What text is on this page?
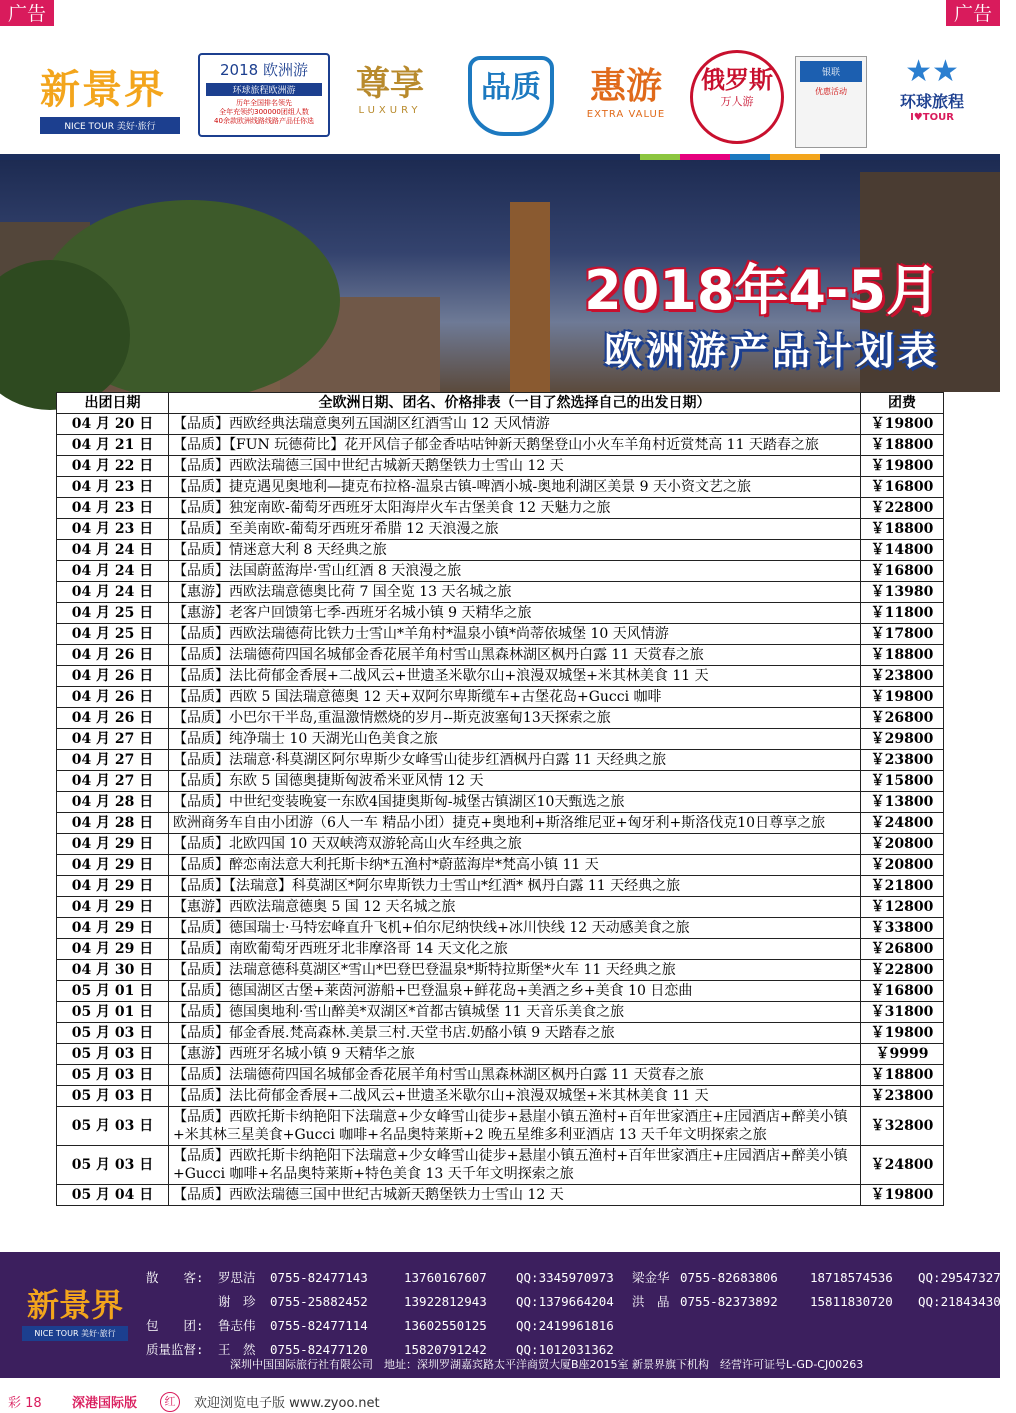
广告	广告
新景界
NICE TOUR 美好·旅行
2018 欧洲游
环球旅程欧洲游
历年全国排名领先
全年充领约300000团组人数
40余款欧洲线路线路产品任你选
尊享
LUXURY
品质	惠游
EXTRA VALUE
俄罗斯
万人游
银联
优惠活动
★★
环球旅程
I♥TOUR
2018年4-5月
欧洲游产品计划表
出团日期	全欧洲日期、团名、价格排表（一目了然选择自己的出发日期）	团费
04 月 20 日	【品质】西欧经典法瑞意奥列五国湖区红酒雪山 12 天风情游	￥19800
04 月 21 日	【品质】【FUN 玩德荷比】花开风信子郁金香咕咕钟新天鹅堡登山小火车羊角村近赏梵高 11 天踏春之旅	￥18800
04 月 22 日	【品质】西欧法瑞德三国中世纪古城新天鹅堡铁力士雪山 12 天	￥19800
04 月 23 日	【品质】捷克遇见奥地利—捷克布拉格-温泉古镇-啤酒小城-奥地利湖区美景 9 天小资文艺之旅	￥16800
04 月 23 日	【品质】独宠南欧-葡萄牙西班牙太阳海岸火车古堡美食 12 天魅力之旅	￥22800
04 月 23 日	【品质】至美南欧-葡萄牙西班牙希腊 12 天浪漫之旅	￥18800
04 月 24 日	【品质】情迷意大利 8 天经典之旅	￥14800
04 月 24 日	【品质】法国蔚蓝海岸·雪山红酒 8 天浪漫之旅	￥16800
04 月 24 日	【惠游】西欧法瑞意德奥比荷 7 国全览 13 天名城之旅	￥13980
04 月 25 日	【惠游】老客户回馈第七季-西班牙名城小镇 9 天精华之旅	￥11800
04 月 25 日	【品质】西欧法瑞德荷比铁力士雪山*羊角村*温泉小镇*尚蒂依城堡 10 天风情游	￥17800
04 月 26 日	【品质】法瑞德荷四国名城郁金香花展羊角村雪山黑森林湖区枫丹白露 11 天赏春之旅	￥18800
04 月 26 日	【品质】法比荷郁金香展+二战风云+世遗圣米歇尔山+浪漫双城堡+米其林美食 11 天	￥23800
04 月 26 日	【品质】西欧 5 国法瑞意德奥 12 天+双阿尔卑斯缆车+古堡花岛+Gucci 咖啡	￥19800
04 月 26 日	【品质】小巴尔干半岛,重温激情燃烧的岁月--斯克波塞甸13天探索之旅	￥26800
04 月 27 日	【品质】纯净瑞士 10 天湖光山色美食之旅	￥29800
04 月 27 日	【品质】法瑞意·科莫湖区阿尔卑斯少女峰雪山徒步红酒枫丹白露 11 天经典之旅	￥23800
04 月 27 日	【品质】东欧 5 国德奥捷斯匈波希米亚风情 12 天	￥15800
04 月 28 日	【品质】中世纪变装晚宴一东欧4国捷奥斯匈-城堡古镇湖区10天甄选之旅	￥13800
04 月 28 日	欧洲商务车自由小团游（6人一车 精品小团）捷克+奥地利+斯洛维尼亚+匈牙利+斯洛伐克10日尊享之旅	￥24800
04 月 29 日	【品质】北欧四国 10 天双峡湾双游轮高山火车经典之旅	￥20800
04 月 29 日	【品质】醉恋南法意大利托斯卡纳*五渔村*蔚蓝海岸*梵高小镇 11 天	￥20800
04 月 29 日	【品质】【法瑞意】科莫湖区*阿尔卑斯铁力士雪山*红酒* 枫丹白露 11 天经典之旅	￥21800
04 月 29 日	【惠游】西欧法瑞意德奥 5 国 12 天名城之旅	￥12800
04 月 29 日	【品质】德国瑞士·马特宏峰直升飞机+伯尔尼纳快线+冰川快线 12 天动感美食之旅	￥33800
04 月 29 日	【品质】南欧葡萄牙西班牙北非摩洛哥 14 天文化之旅	￥26800
04 月 30 日	【品质】法瑞意德科莫湖区*雪山*巴登巴登温泉*斯特拉斯堡*火车 11 天经典之旅	￥22800
05 月 01 日	【品质】德国湖区古堡+莱茵河游船+巴登温泉+鲜花岛+美酒之乡+美食 10 日恋曲	￥16800
05 月 01 日	【品质】德国奥地利·雪山醉美*双湖区*首都古镇城堡 11 天音乐美食之旅	￥31800
05 月 03 日	【品质】郁金香展.梵高森林.美景三村.天堂书店.奶酪小镇 9 天踏春之旅	￥19800
05 月 03 日	【惠游】西班牙名城小镇 9 天精华之旅	￥9999
05 月 03 日	【品质】法瑞德荷四国名城郁金香花展羊角村雪山黑森林湖区枫丹白露 11 天赏春之旅	￥18800
05 月 03 日	【品质】法比荷郁金香展+二战风云+世遗圣米歇尔山+浪漫双城堡+米其林美食 11 天	￥23800
05 月 03 日	【品质】西欧托斯卡纳艳阳下法瑞意+少女峰雪山徒步+悬崖小镇五渔村+百年世家酒庄+庄园酒店+醉美小镇+米其林三星美食+Gucci 咖啡+名品奥特莱斯+2 晚五星维多利亚酒店 13 天千年文明探索之旅	￥32800
05 月 03 日	【品质】西欧托斯卡纳艳阳下法瑞意+少女峰雪山徒步+悬崖小镇五渔村+百年世家酒庄+庄园酒店+醉美小镇+Gucci 咖啡+名品奥特莱斯+特色美食 13 天千年文明探索之旅	￥24800
05 月 04 日	【品质】西欧法瑞德三国中世纪古城新天鹅堡铁力士雪山 12 天	￥19800
新景界
NICE TOUR 美好·旅行
散　　客: 罗思洁 0755-82477143	13760167607 QQ:3345970973 梁金华 0755-82683806	18718574536 QQ:2954732776
谢　珍 0755-25882452	13922812943 QQ:1379664204 洪　晶 0755-82373892	15811830720 QQ:2184343057
包　　团: 鲁志伟 0755-82477114	13602550125 QQ:2419961816
质量监督: 王　然 0755-82477120	15820791242 QQ:1012031362
深圳中国国际旅行社有限公司　地址：深圳罗湖嘉宾路太平洋商贸大厦B座2015室 新景界旗下机构　经营许可证号L-GD-CJ00263
彩 18 深港国际版	红	欢迎浏览电子版 www.zyoo.net
